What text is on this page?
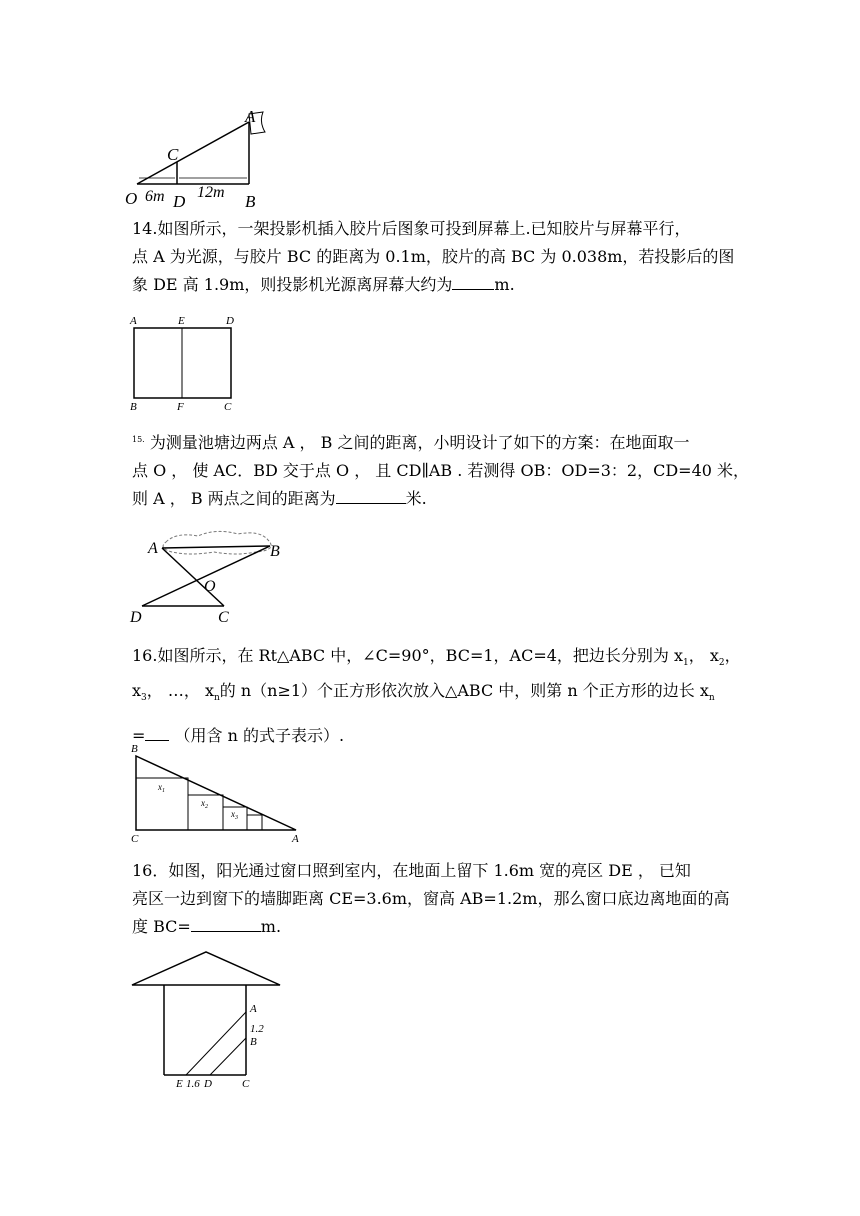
A
C
O D	B
6m 12m
14.如图所示，一架投影机插入胶片后图象可投到屏幕上.已知胶片与屏幕平行，
点 A 为光源，与胶片 BC 的距离为 0.1m，胶片的高 BC 为 0.038m，若投影后的图
象 DE 高 1.9m，则投影机光源离屏幕大约为	m.
A	E	D
B	F	C
$^{15.}$ 为测量池塘边两点 A ， B 之间的距离，小明设计了如下的方案：在地面取一
点 O ， 使 AC．BD 交于点 O ， 且 CD∥AB . 若测得 OB：OD=3：2，CD=40 米，
则 A ， B 两点之间的距离为	米.
A	B
O
D	C
16.如图所示，在 Rt△ABC 中，∠C=90°，BC=1，AC=4，把边长分别为 $x_1$， $x_2$，
$x_3$， …， $x_n$的 n（n≥1）个正方形依次放入△ABC 中，则第 n 个正方形的边长 $x_n$
= （用含 n 的式子表示）.
B
C	A
$x_1$
$x_2$
$x_3$
16．如图，阳光通过窗口照到室内，在地面上留下 1.6m 宽的亮区 DE ， 已知
亮区一边到窗下的墙脚距离 CE=3.6m，窗高 AB=1.2m，那么窗口底边离地面的高
度 BC=	m.
A
1.2
B
E 1.6 D	C
